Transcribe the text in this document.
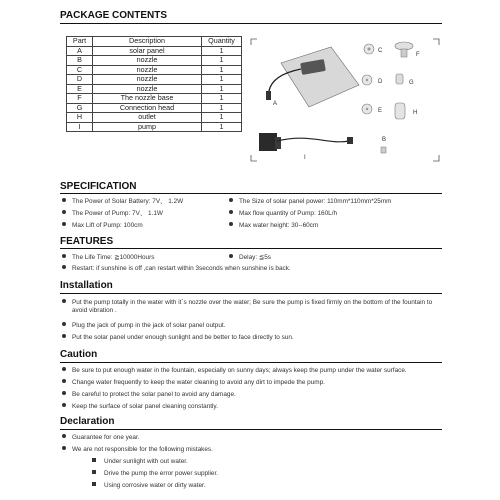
PACKAGE CONTENTS
Part	Description	Quantity
A	solar panel	1
B	nozzle	1
C	nozzle	1
D	nozzle	1
E	nozzle	1
F	The nozzle base	1
G	Connection head	1
H	outlet	1
I	pump	1
A
C
F
D	G
E	H
B
I
SPECIFICATION
The Power of Solar Battery: 7V、 1.2W
The Power of Pump: 7V、 1.1W
Max Lift of Pump: 100cm
The Size of solar panel power: 110mm*110mm*25mm
Max flow quantity of Pump: 160L/h
Max water height: 30--60cm
FEATURES
The Life Time: ≧10000Hours	Delay: ≦5s
Restart: if sunshine is off ,can restart within 3seconds when sunshine is back.
Installation
Put the pump totally in the water with itˋs nozzle over the water; Be sure the pump is fixed firmly on the bottom of the fountain to avoid vibration .
Plug the jack of pump in the jack of solar panel output.
Put the solar panel under enough sunlight and be better to face directly to sun.
Caution
Be sure to put enough water in the fountain, especially on sunny days; always keep the pump under the water surface.
Change water frequently to keep the water cleaning to avoid any dirt to impede the pump.
Be careful to protect the solar panel to avoid any damage.
Keep the surface of solar panel cleaning constantly.
Declaration
Guarantee for one year.
We are not responsible for the following mistakes.
Under sunlight with out water.
Drive the pump the error power supplier.
Using corrosive water or dirty water.
